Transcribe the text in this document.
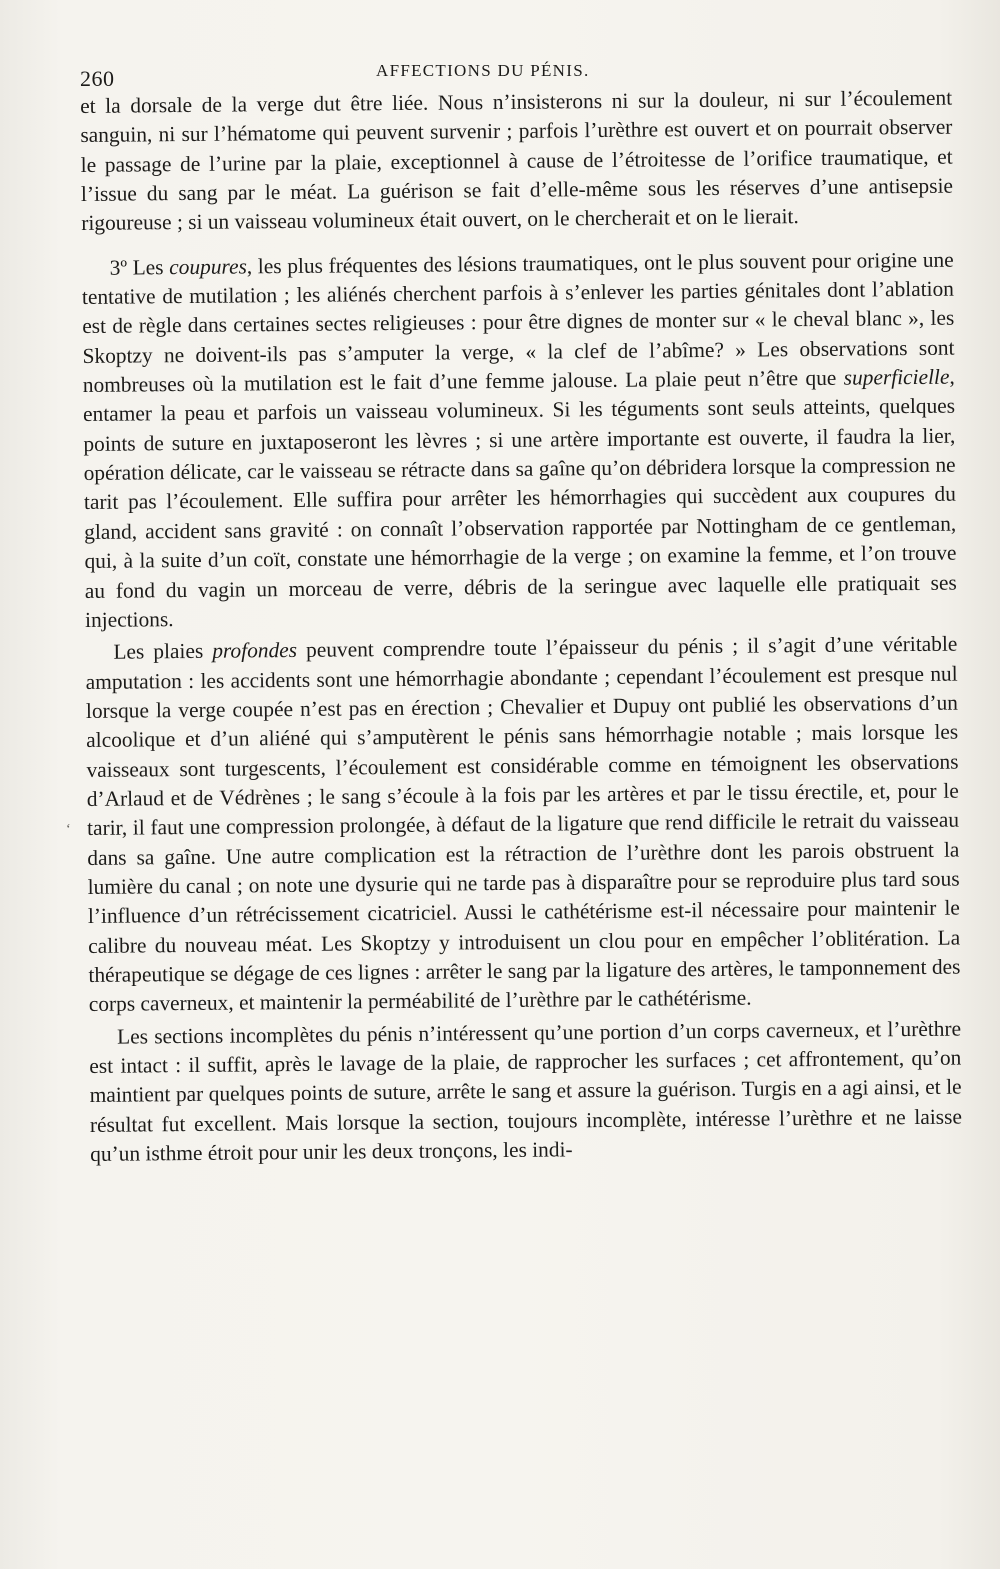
260	AFFECTIONS DU PÉNIS.
‘

et la dorsale de la verge dut être liée. Nous n’insisterons ni sur la douleur, ni sur l’écoulement sanguin, ni sur l’hématome qui peuvent survenir ; parfois l’urèthre est ouvert et on pourrait observer le passage de l’urine par la plaie, exceptionnel à cause de l’étroitesse de l’orifice traumatique, et l’issue du sang par le méat. La guérison se fait d’elle-même sous les réserves d’une antisepsie rigoureuse ; si un vaisseau volumineux était ouvert, on le chercherait et on le lierait.

3º Les coupures, les plus fréquentes des lésions traumatiques, ont le plus souvent pour origine une tentative de mutilation ; les aliénés cherchent parfois à s’enlever les parties génitales dont l’ablation est de règle dans certaines sectes religieuses : pour être dignes de monter sur « le cheval blanc », les Skoptzy ne doivent-ils pas s’amputer la verge, « la clef de l’abîme? » Les observations sont nombreuses où la mutilation est le fait d’une femme jalouse. La plaie peut n’être que superficielle, entamer la peau et parfois un vaisseau volumineux. Si les téguments sont seuls atteints, quelques points de suture en juxtaposeront les lèvres ; si une artère importante est ouverte, il faudra la lier, opération délicate, car le vaisseau se rétracte dans sa gaîne qu’on débridera lorsque la compression ne tarit pas l’écoulement. Elle suffira pour arrêter les hémorrhagies qui succèdent aux coupures du gland, accident sans gravité : on connaît l’observation rapportée par Nottingham de ce gentleman, qui, à la suite d’un coït, constate une hémorrhagie de la verge ; on examine la femme, et l’on trouve au fond du vagin un morceau de verre, débris de la seringue avec laquelle elle pratiquait ses injections.

Les plaies profondes peuvent comprendre toute l’épaisseur du pénis ; il s’agit d’une véritable amputation : les accidents sont une hémorrhagie abondante ; cependant l’écoulement est presque nul lorsque la verge coupée n’est pas en érection ; Chevalier et Dupuy ont publié les observations d’un alcoolique et d’un aliéné qui s’amputèrent le pénis sans hémorrhagie notable ; mais lorsque les vaisseaux sont turgescents, l’écoulement est considérable comme en témoignent les observations d’Arlaud et de Védrènes ; le sang s’écoule à la fois par les artères et par le tissu érectile, et, pour le tarir, il faut une compression prolongée, à défaut de la ligature que rend difficile le retrait du vaisseau dans sa gaîne. Une autre complication est la rétraction de l’urèthre dont les parois obstruent la lumière du canal ; on note une dysurie qui ne tarde pas à disparaître pour se reproduire plus tard sous l’influence d’un rétrécissement cicatriciel. Aussi le cathétérisme est-il nécessaire pour maintenir le calibre du nouveau méat. Les Skoptzy y introduisent un clou pour en empêcher l’oblitération. La thérapeutique se dégage de ces lignes : arrêter le sang par la ligature des artères, le tamponnement des corps caverneux, et maintenir la perméabilité de l’urèthre par le cathétérisme.

Les sections incomplètes du pénis n’intéressent qu’une portion d’un corps caverneux, et l’urèthre est intact : il suffit, après le lavage de la plaie, de rapprocher les surfaces ; cet affrontement, qu’on maintient par quelques points de suture, arrête le sang et assure la guérison. Turgis en a agi ainsi, et le résultat fut excellent. Mais lorsque la section, toujours incomplète, intéresse l’urèthre et ne laisse qu’un isthme étroit pour unir les deux tronçons, les indi-
